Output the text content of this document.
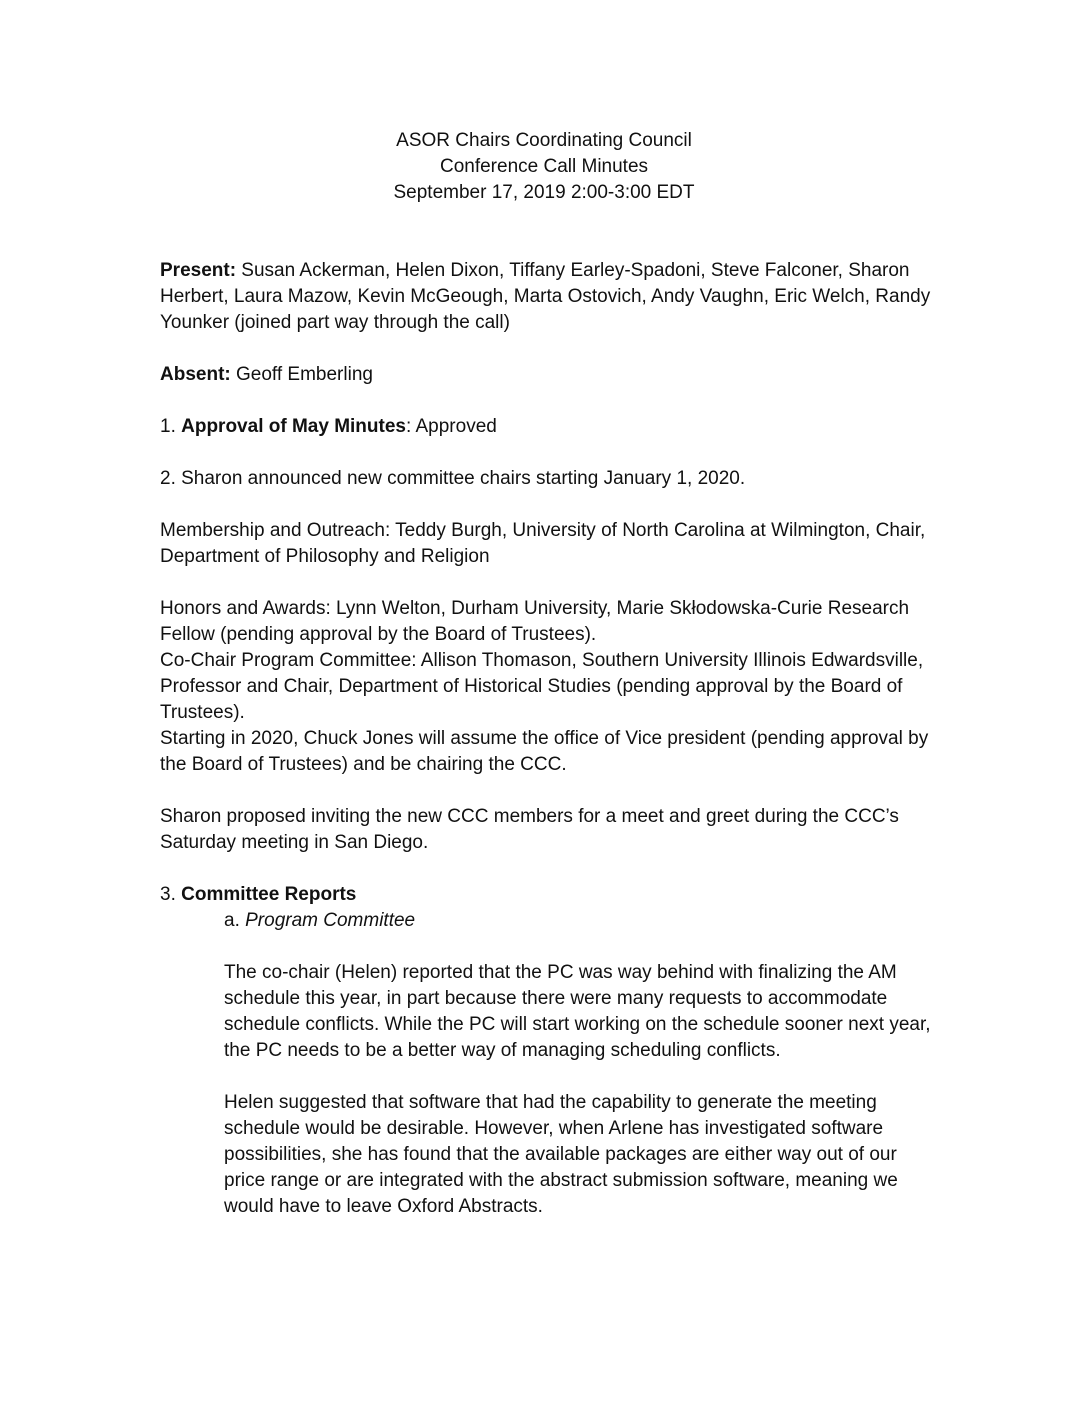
ASOR Chairs Coordinating Council
Conference Call Minutes
September 17, 2019 2:00-3:00 EDT

Present: Susan Ackerman, Helen Dixon, Tiffany Earley-Spadoni, Steve Falconer, Sharon Herbert, Laura Mazow, Kevin McGeough, Marta Ostovich, Andy Vaughn, Eric Welch, Randy Younker (joined part way through the call)

Absent: Geoff Emberling

1. Approval of May Minutes: Approved

2. Sharon announced new committee chairs starting January 1, 2020.

Membership and Outreach: Teddy Burgh, University of North Carolina at Wilmington, Chair, Department of Philosophy and Religion

Honors and Awards: Lynn Welton, Durham University, Marie Skłodowska-Curie Research Fellow (pending approval by the Board of Trustees).

Co-Chair Program Committee: Allison Thomason, Southern University Illinois Edwardsville, Professor and Chair, Department of Historical Studies (pending approval by the Board of Trustees).

Starting in 2020, Chuck Jones will assume the office of Vice president (pending approval by the Board of Trustees) and be chairing the CCC.

Sharon proposed inviting the new CCC members for a meet and greet during the CCC’s Saturday meeting in San Diego.

3. Committee Reports

a. Program Committee

The co-chair (Helen) reported that the PC was way behind with finalizing the AM schedule this year, in part because there were many requests to accommodate schedule conflicts. While the PC will start working on the schedule sooner next year, the PC needs to be a better way of managing scheduling conflicts.

Helen suggested that software that had the capability to generate the meeting schedule would be desirable. However, when Arlene has investigated software possibilities, she has found that the available packages are either way out of our price range or are integrated with the abstract submission software, meaning we would have to leave Oxford Abstracts.
